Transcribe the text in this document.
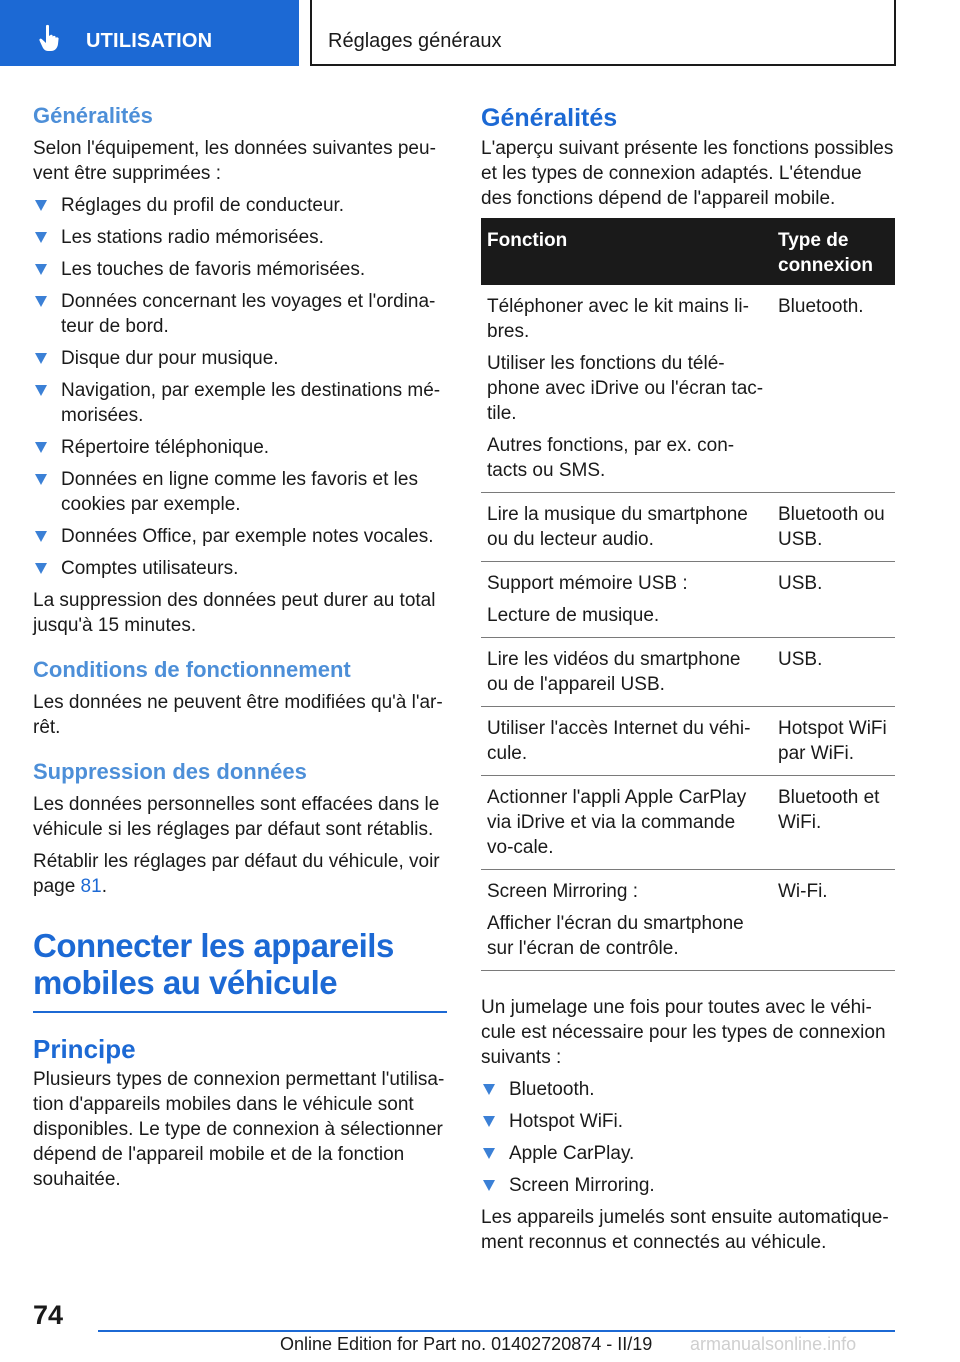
UTILISATION	Réglages généraux
Généralités

Selon l'équipement, les données suivantes peu-vent être supprimées :

Réglages du profil de conducteur.
Les stations radio mémorisées.
Les touches de favoris mémorisées.
Données concernant les voyages et l'ordina-teur de bord.
Disque dur pour musique.
Navigation, par exemple les destinations mé-morisées.
Répertoire téléphonique.
Données en ligne comme les favoris et les cookies par exemple.
Données Office, par exemple notes vocales.
Comptes utilisateurs.

La suppression des données peut durer au total jusqu'à 15 minutes.

Conditions de fonctionnement

Les données ne peuvent être modifiées qu'à l'ar-rêt.

Suppression des données

Les données personnelles sont effacées dans le véhicule si les réglages par défaut sont rétablis.

Rétablir les réglages par défaut du véhicule, voir page 81.

Connecter les appareils mobiles au véhicule
Principe

Plusieurs types de connexion permettant l'utilisa-tion d'appareils mobiles dans le véhicule sont disponibles. Le type de connexion à sélectionner dépend de l'appareil mobile et de la fonction souhaitée.

Généralités

L'aperçu suivant présente les fonctions possibles et les types de connexion adaptés. L'étendue des fonctions dépend de l'appareil mobile.

Fonction	Type de connexion

Téléphoner avec le kit mains li-bres.

Utiliser les fonctions du télé-phone avec iDrive ou l'écran tac-tile.

Autres fonctions, par ex. con-tacts ou SMS.	Bluetooth.

Lire la musique du smartphone ou du lecteur audio.	Bluetooth ou USB.

Support mémoire USB :

Lecture de musique.	USB.

Lire les vidéos du smartphone ou de l'appareil USB.	USB.

Utiliser l'accès Internet du véhi-cule.	Hotspot WiFi par WiFi.

Actionner l'appli Apple CarPlay via iDrive et via la commande vo-cale.	Bluetooth et WiFi.

Screen Mirroring :

Afficher l'écran du smartphone sur l'écran de contrôle.	Wi-Fi.

Un jumelage une fois pour toutes avec le véhi-cule est nécessaire pour les types de connexion suivants :

Bluetooth.
Hotspot WiFi.
Apple CarPlay.
Screen Mirroring.

Les appareils jumelés sont ensuite automatique-ment reconnus et connectés au véhicule.

74
Online Edition for Part no. 01402720874 - II/19 armanualsonline.info
